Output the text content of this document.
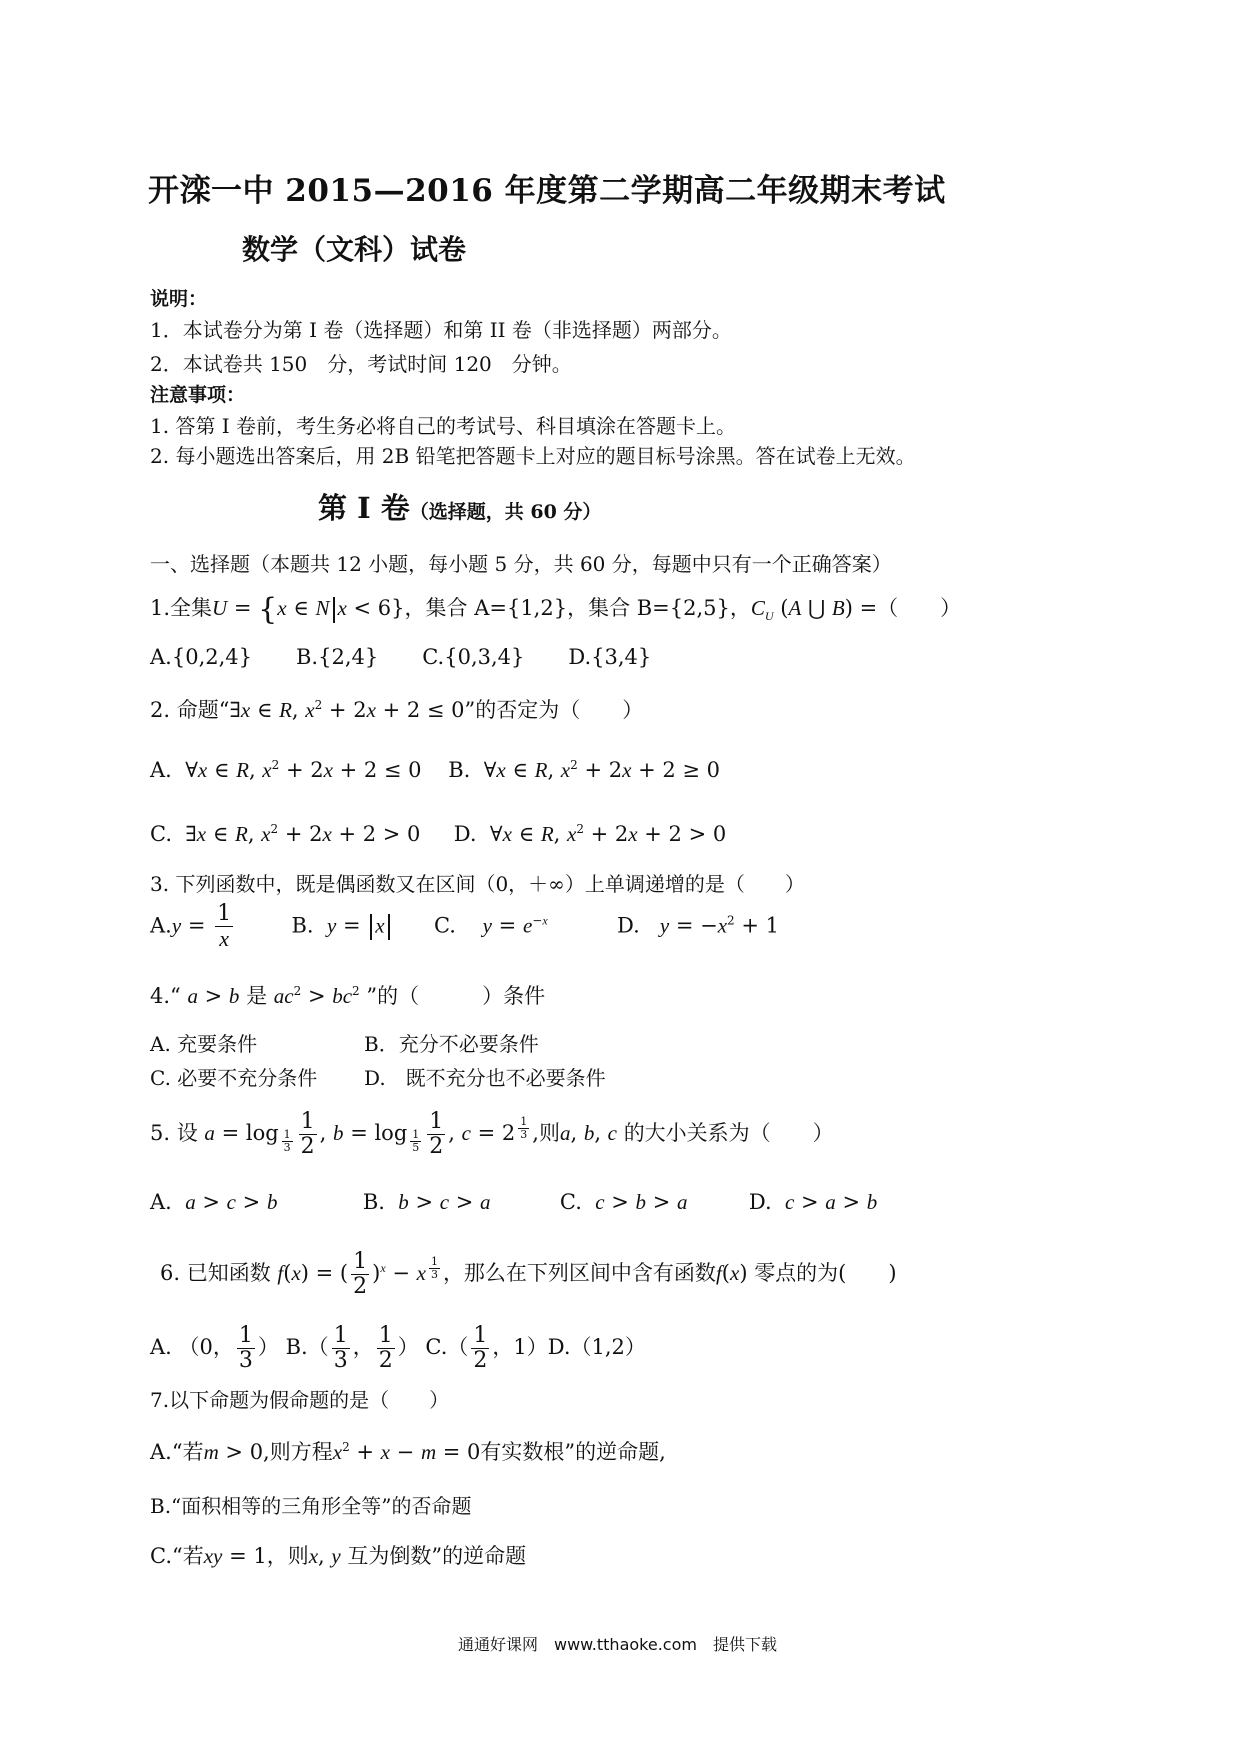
开滦一中 2015—2016 年度第二学期高二年级期末考试
数学（文科）试卷
说明：
1．本试卷分为第 I 卷（选择题）和第 II 卷（非选择题）两部分。
2．本试卷共 150　分，考试时间 120　分钟。
注意事项：
1. 答第 I 卷前，考生务必将自己的考试号、科目填涂在答题卡上。
2. 每小题选出答案后，用 2B 铅笔把答题卡上对应的题目标号涂黑。答在试卷上无效。
第 I 卷（选择题，共 60 分）
一、选择题（本题共 12 小题，每小题 5 分，共 60 分，每题中只有一个正确答案）
1.全集U = {x ∈ N x < 6}，集合 A={1,2}，集合 B={2,5}，$C_U$ (A ⋃ B) =（　　）
A.{0,2,4} B.{2,4} C.{0,3,4} D.{3,4}
2. 命题“∃x ∈ R, $x^2 + 2x + 2 \le 0$”的否定为（　　）
A.  ∀x ∈ R, $x^2 + 2x + 2 \le 0$    B.  ∀x ∈ R, $x^2 + 2x + 2 \ge 0$
C.  ∃x ∈ R, $x^2 + 2x + 2 > 0$     D.  ∀x ∈ R, $x^2 + 2x + 2 > 0$
3. 下列函数中，既是偶函数又在区间（0，＋∞）上单调递增的是（　　）
$A.y = \frac{1}{x}$	B. y = x C. $y = e^{-x}$	D. $y = -x^2 + 1$
4.“ a > b 是 $ac^2 > bc^2$ ”的（　　　）条件
A. 充要条件	B．充分不必要条件
C. 必要不充分条件 D.　既不充分也不必要条件
5. 设 $a = \log _{\frac{1}{3}} \frac{1}{2}$ , $b = \log _{\frac{1}{5}} \frac{1}{2}$ , c = 2 $^{\frac{1}{3}}$ ,则a, b, c 的大小关系为（　　）
A. a > c > b	B. b > c > a	C. c > b > a	D. c > a > b
6. 已知函数 f(x) = ( $\frac{1}{2} )^x - x$ $^{\frac{1}{3}}$ ，那么在下列区间中含有函数f(x) 零点的为(　　)
A. （0， $\frac{1}{3}$ ） $B.( \frac{1}{3}$ ， $\frac{1}{2}$ ） $C.( \frac{1}{2}$ ，1）D.（1,2）
7.以下命题为假命题的是（　　）
A.“若m > 0,则方程$x^2 + x - m = 0$有实数根”的逆命题,
B.“面积相等的三角形全等”的否命题
C.“若xy = 1，则x, y 互为倒数”的逆命题
通通好课网　www.tthaoke.com　提供下载
